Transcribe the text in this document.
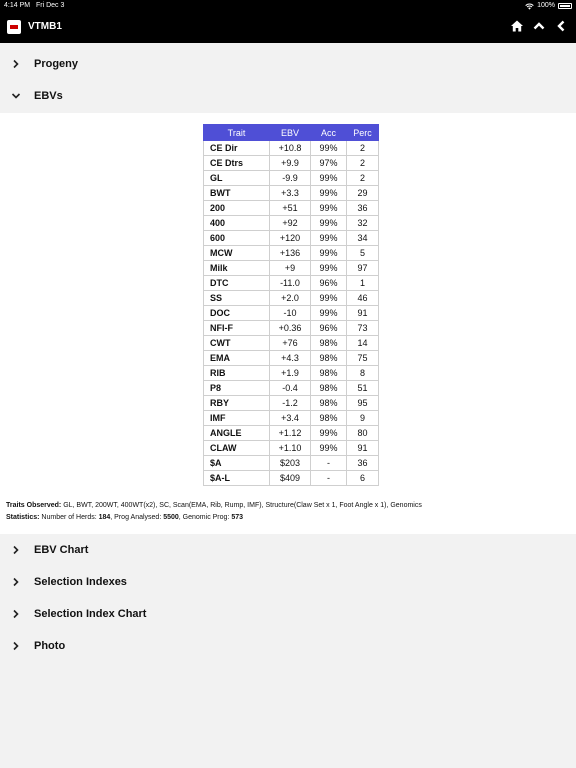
4:14 PM Fri Dec 3	100%
VTMB1
Progeny
EBVs
Trait	EBV	Acc	Perc
CE Dir	+10.8	99%	2
CE Dtrs	+9.9	97%	2
GL	-9.9	99%	2
BWT	+3.3	99%	29
200	+51	99%	36
400	+92	99%	32
600	+120	99%	34
MCW	+136	99%	5
Milk	+9	99%	97
DTC	-11.0	96%	1
SS	+2.0	99%	46
DOC	-10	99%	91
NFI-F	+0.36	96%	73
CWT	+76	98%	14
EMA	+4.3	98%	75
RIB	+1.9	98%	8
P8	-0.4	98%	51
RBY	-1.2	98%	95
IMF	+3.4	98%	9
ANGLE	+1.12	99%	80
CLAW	+1.10	99%	91
$A	$203	-	36
$A-L	$409	-	6
Traits Observed: GL, BWT, 200WT, 400WT(x2), SC, Scan(EMA, Rib, Rump, IMF), Structure(Claw Set x 1, Foot Angle x 1), Genomics
Statistics: Number of Herds: 184, Prog Analysed: 5500, Genomic Prog: 573
EBV Chart
Selection Indexes
Selection Index Chart
Photo
